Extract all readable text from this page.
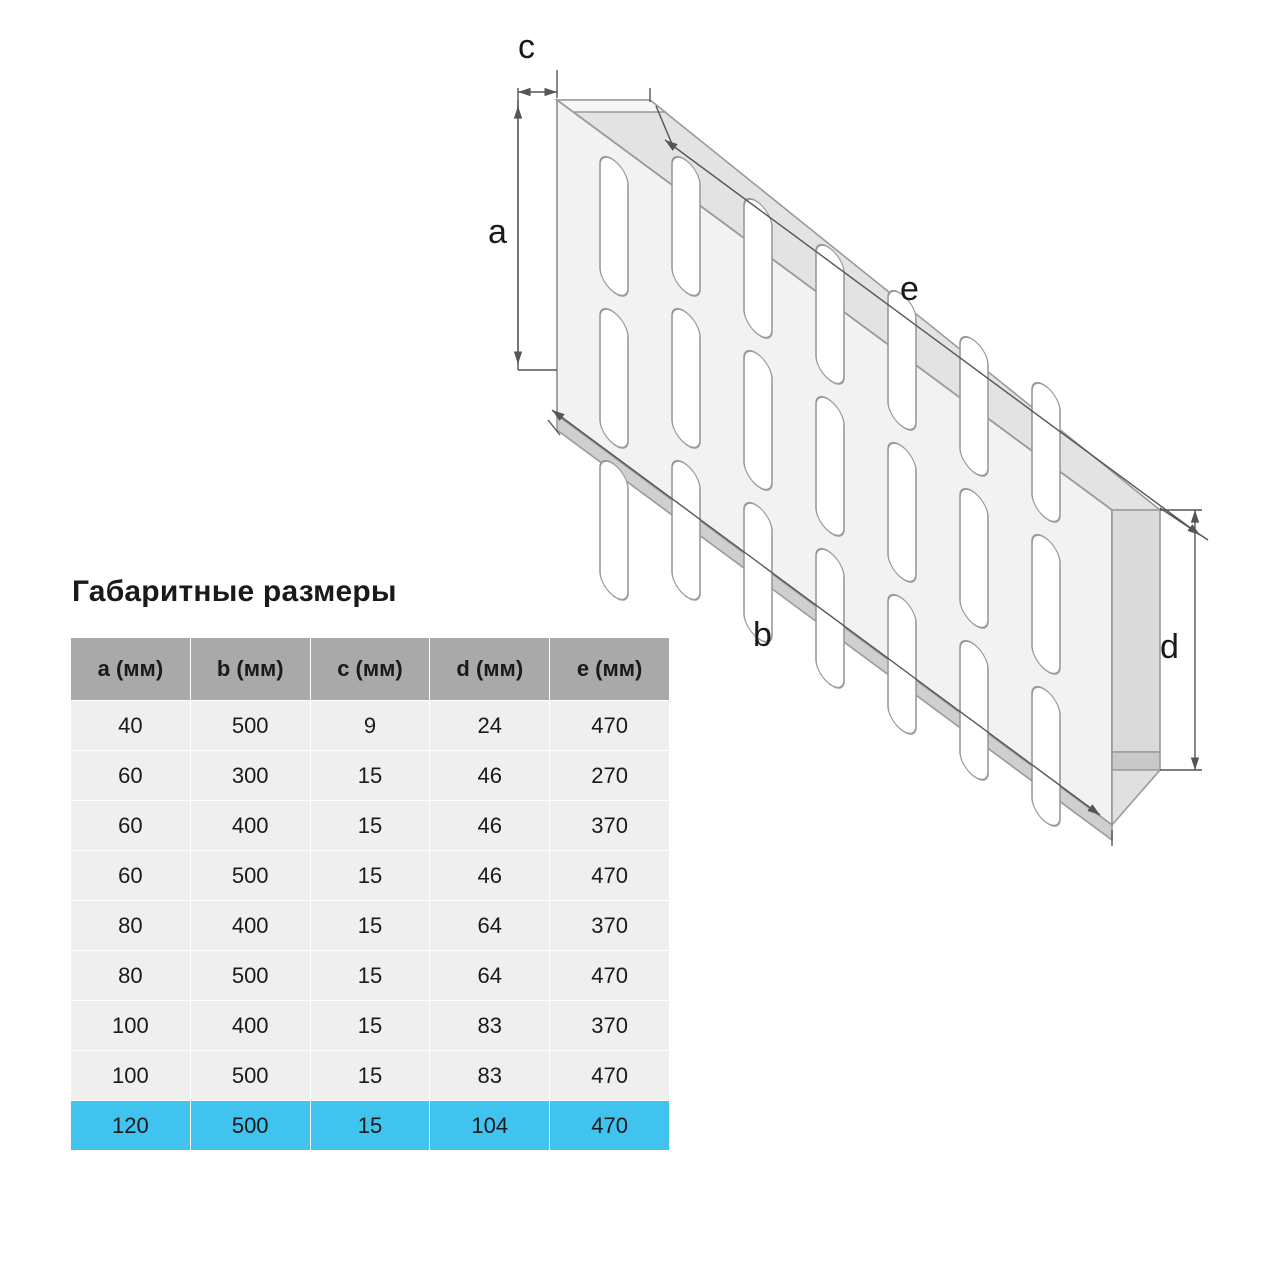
c
a
b
e
d
Габаритные размеры
a (мм)	b (мм)	c (мм)	d (мм)	e (мм)
40	500	9	24	470
60	300	15	46	270
60	400	15	46	370
60	500	15	46	470
80	400	15	64	370
80	500	15	64	470
100	400	15	83	370
100	500	15	83	470
120	500	15	104	470
